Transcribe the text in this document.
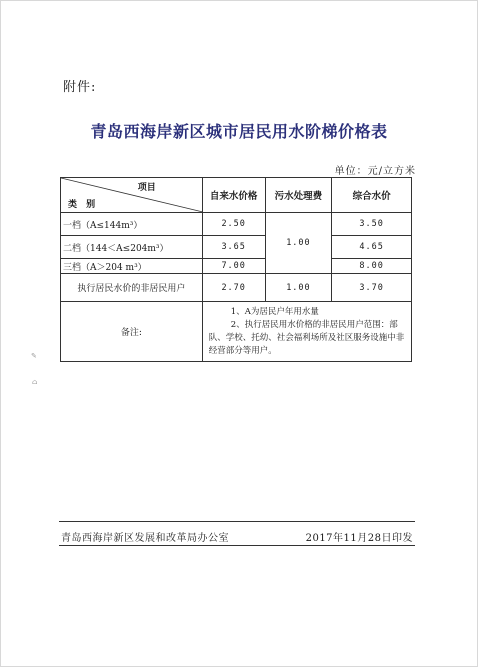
附件:
青岛西海岸新区城市居民用水阶梯价格表
单位：元/立方米
项目
类 别	自来水价格	污水处理费	综合水价
一档（A≤144m³）	2.50	1.00	3.50
二档（144＜A≤204m³）	3.65		4.65
三档（A＞204 m³）	7.00		8.00
执行居民水价的非居民用户	2.70	1.00	3.70
备注:	1、A为居民户年用水量
2、执行居民用水价格的非居民用户范围：部队、学校、托幼、社会福利场所及社区服务设施中非经营部分等用户。		
✎
⌂
青岛西海岸新区发展和改革局办公室	2017年11月28日印发
